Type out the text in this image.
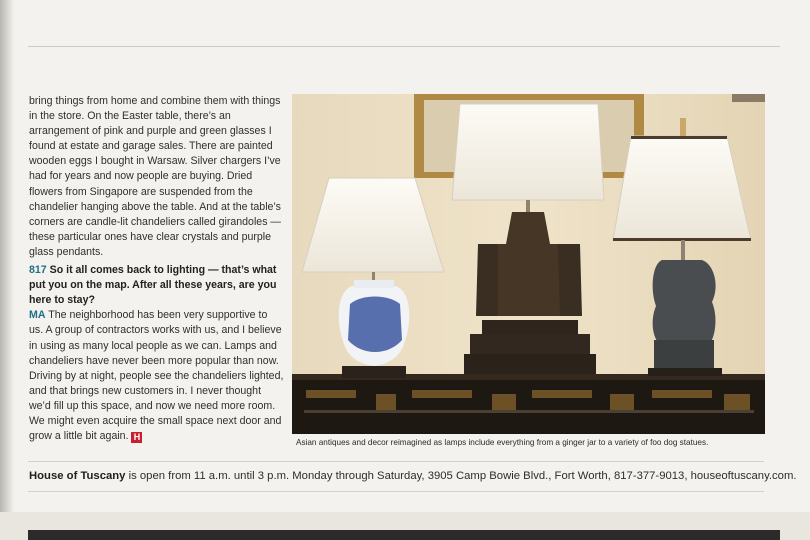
bring things from home and combine them with things in the store. On the Easter table, there’s an arrangement of pink and purple and green glasses I found at estate and garage sales. There are painted wooden eggs I bought in Warsaw. Silver chargers I’ve had for years and now people are buying. Dried flowers from Singapore are suspended from the chandelier hanging above the table. And at the table’s corners are candle-lit chandeliers called girandoles — these particular ones have clear crystals and purple glass pendants.

817 So it all comes back to lighting — that’s what put you on the map. After all these years, are you here to stay?

MA The neighborhood has been very supportive to us. A group of contractors works with us, and I believe in using as many local people as we can. Lamps and chandeliers have never been more popular than now. Driving by at night, people see the chandeliers lighted, and that brings new customers in. I never thought we’d fill up this space, and now we need more room. We might even acquire the small space next door and grow a little bit again. H

Asian antiques and decor reimagined as lamps include everything from a ginger jar to a variety of foo dog statues.
House of Tuscany is open from 11 a.m. until 3 p.m. Monday through Saturday, 3905 Camp Bowie Blvd., Fort Worth, 817-377-9013, houseoftuscany.com.
